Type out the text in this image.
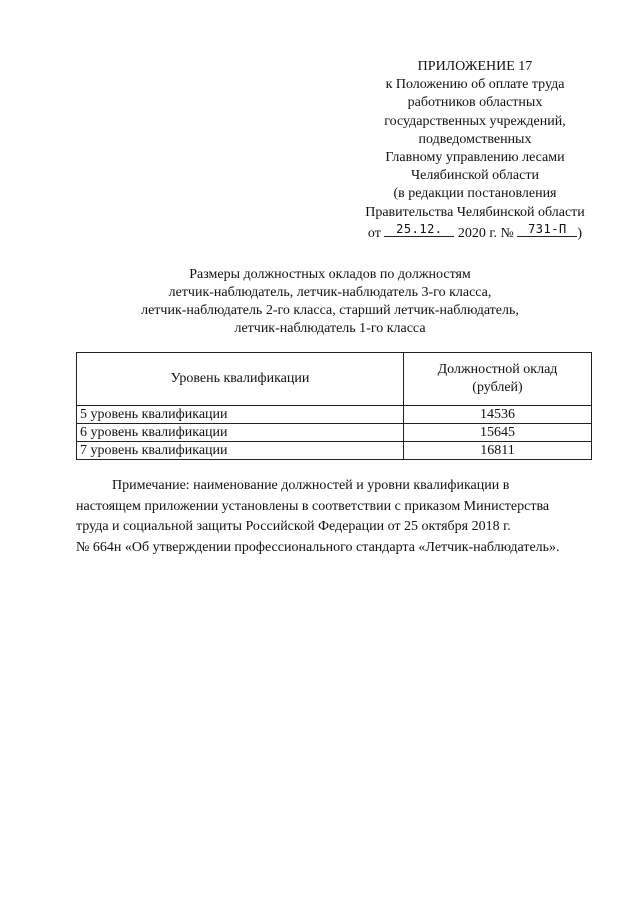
ПРИЛОЖЕНИЕ 17
к Положению об оплате труда
работников областных
государственных учреждений,
подведомственных
Главному управлению лесами
Челябинской области
(в редакции постановления
Правительства Челябинской области
от	25.12.	2020 г. №	731-П )
Размеры должностных окладов по должностям
летчик-наблюдатель, летчик-наблюдатель 3-го класса,
летчик-наблюдатель 2-го класса, старший летчик-наблюдатель,
летчик-наблюдатель 1-го класса
Уровень квалификации	Должностной оклад
(рублей)
5 уровень квалификации	14536
6 уровень квалификации	15645
7 уровень квалификации	16811
Примечание: наименование должностей и уровни квалификации в
настоящем приложении установлены в соответствии с приказом Министерства
труда и социальной защиты Российской Федерации от 25 октября 2018 г.
№ 664н «Об утверждении профессионального стандарта «Летчик-наблюдатель».
